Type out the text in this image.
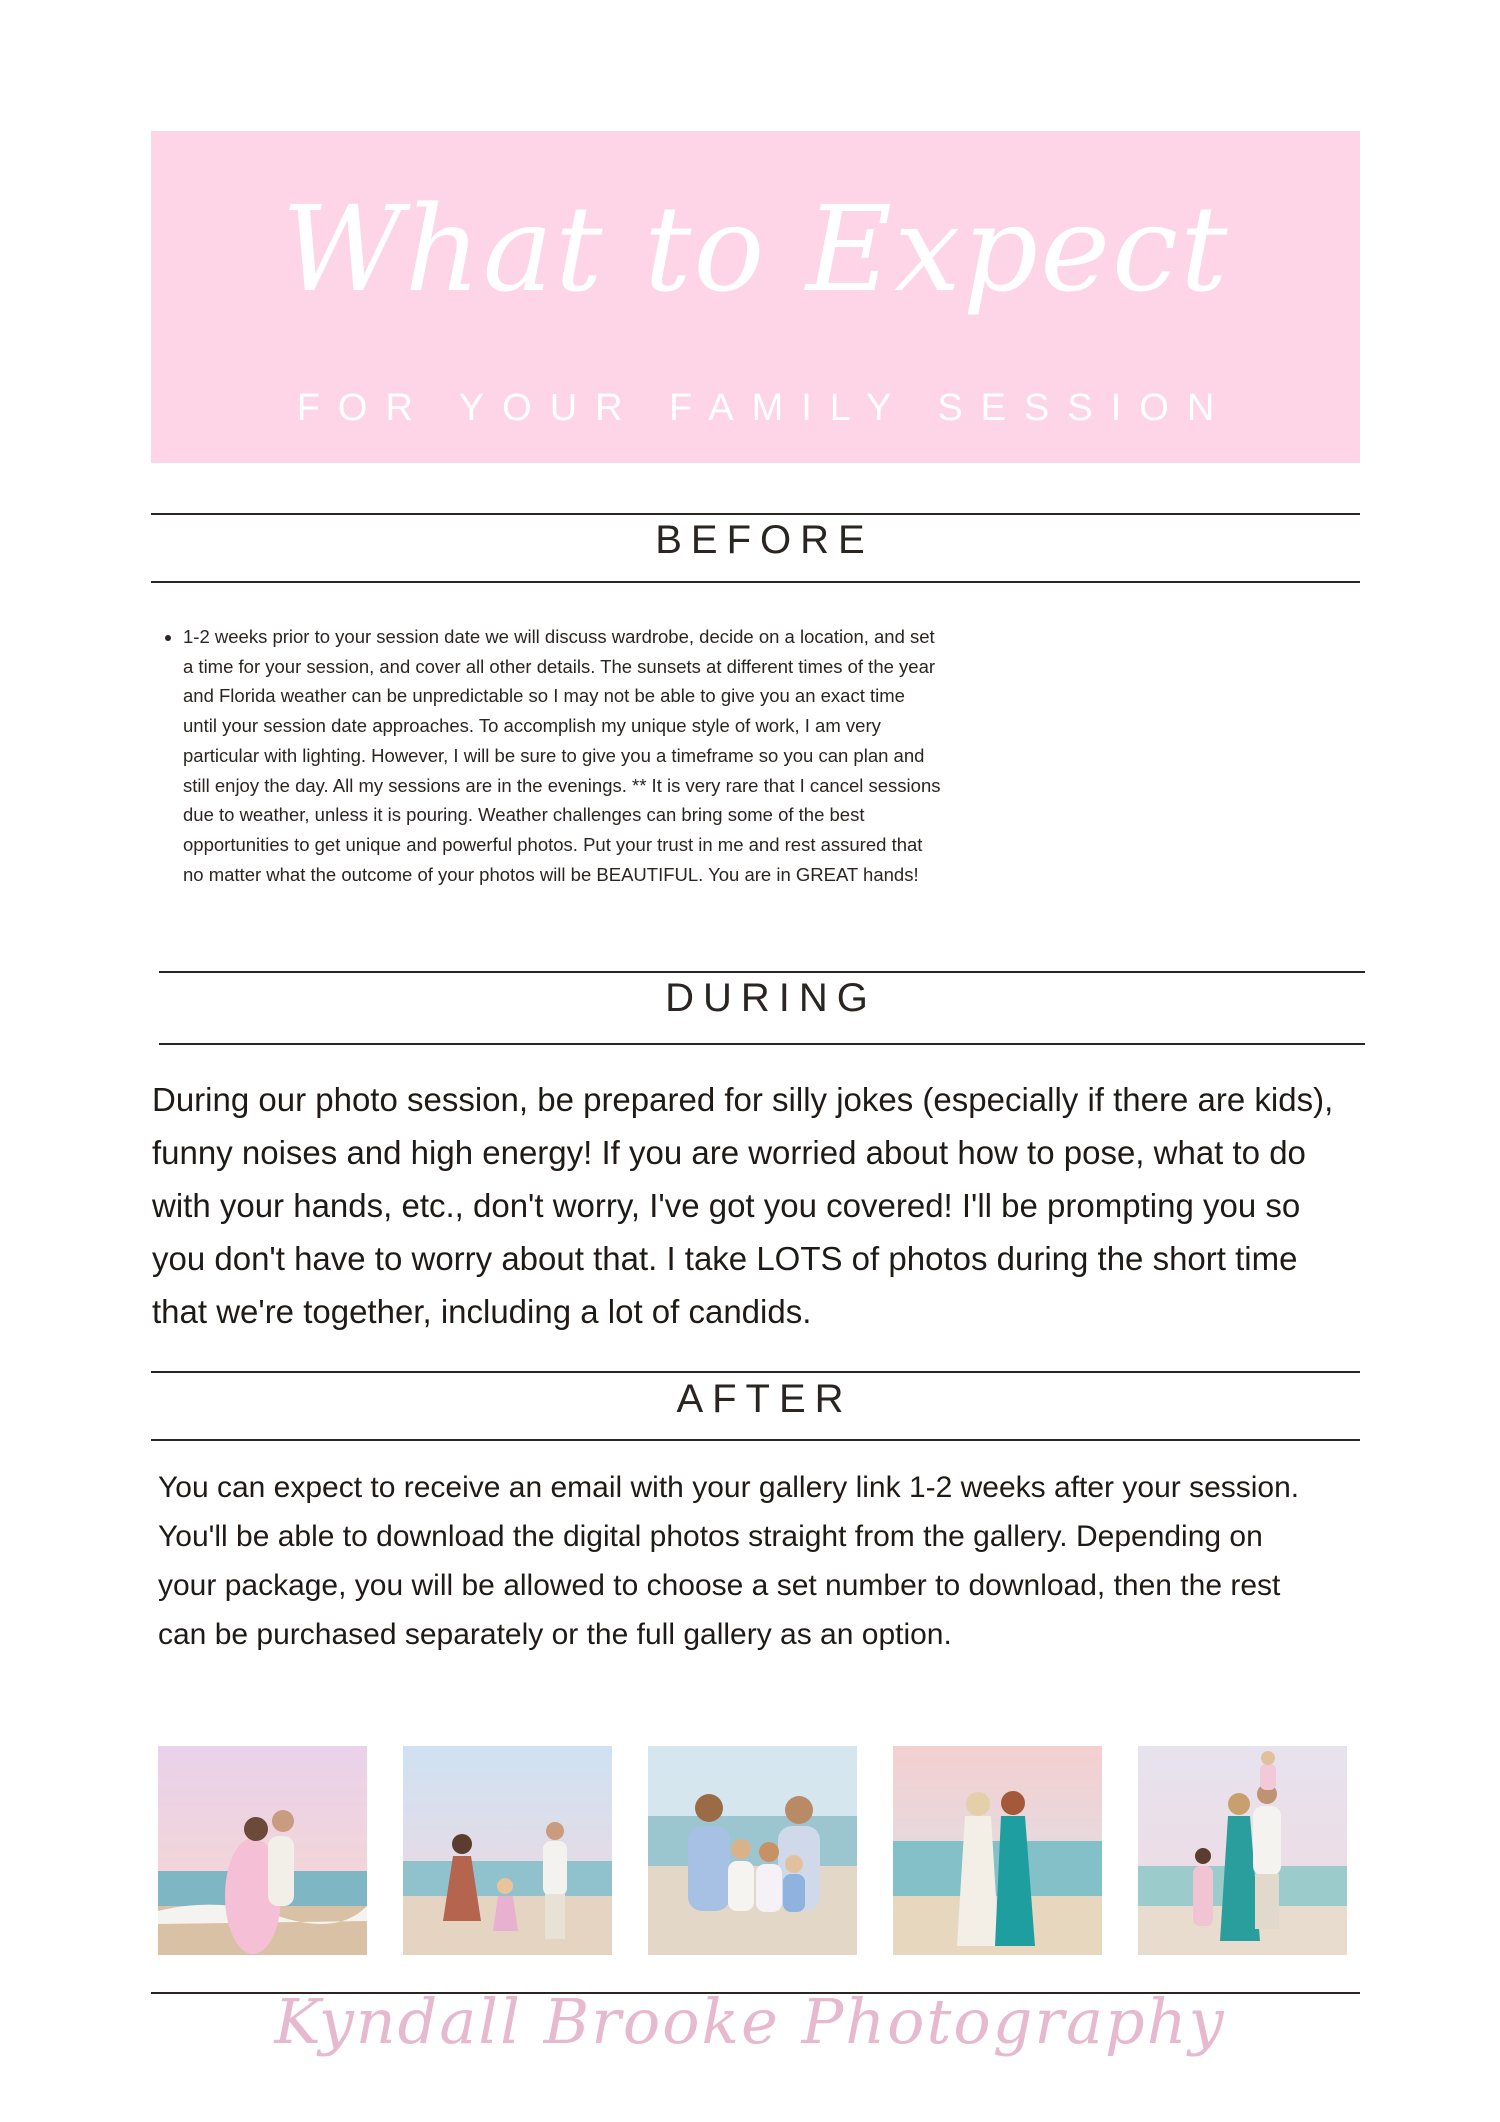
What to Expect
FOR YOUR FAMILY SESSION
BEFORE
• 1-2 weeks prior to your session date we will discuss wardrobe, decide on a location, and set a time for your session, and cover all other details. The sunsets at different times of the year and Florida weather can be unpredictable so I may not be able to give you an exact time until your session date approaches. To accomplish my unique style of work, I am very particular with lighting. However, I will be sure to give you a timeframe so you can plan and still enjoy the day. All my sessions are in the evenings. ** It is very rare that I cancel sessions due to weather, unless it is pouring. Weather challenges can bring some of the best opportunities to get unique and powerful photos. Put your trust in me and rest assured that no matter what the outcome of your photos will be BEAUTIFUL. You are in GREAT hands!
DURING
During our photo session, be prepared for silly jokes (especially if there are kids), funny noises and high energy! If you are worried about how to pose, what to do with your hands, etc., don't worry, I've got you covered! I'll be prompting you so you don't have to worry about that. I take LOTS of photos during the short time that we're together, including a lot of candids.
AFTER
You can expect to receive an email with your gallery link 1-2 weeks after your session. You'll be able to download the digital photos straight from the gallery. Depending on your package, you will be allowed to choose a set number to download, then the rest can be purchased separately or the full gallery as an option.
Kyndall Brooke Photography
